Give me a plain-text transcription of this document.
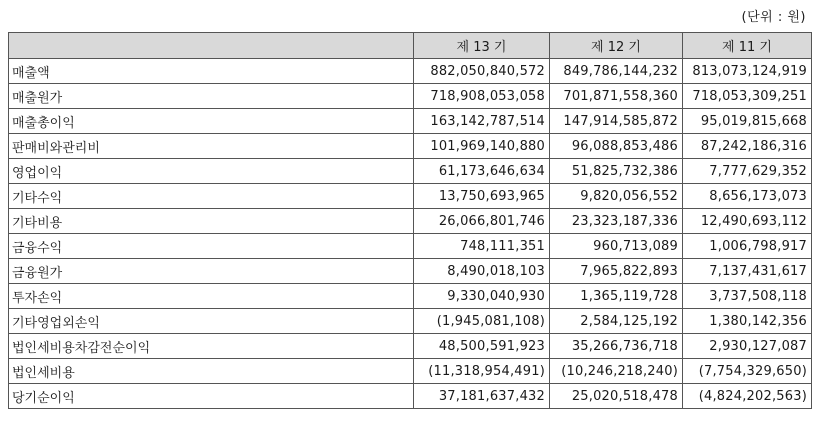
(단위 : 원)
	제 13 기	제 12 기	제 11 기
매출액	882,050,840,572	849,786,144,232	813,073,124,919
매출원가	718,908,053,058	701,871,558,360	718,053,309,251
매출총이익	163,142,787,514	147,914,585,872	95,019,815,668
판매비와관리비	101,969,140,880	96,088,853,486	87,242,186,316
영업이익	61,173,646,634	51,825,732,386	7,777,629,352
기타수익	13,750,693,965	9,820,056,552	8,656,173,073
기타비용	26,066,801,746	23,323,187,336	12,490,693,112
금융수익	748,111,351	960,713,089	1,006,798,917
금융원가	8,490,018,103	7,965,822,893	7,137,431,617
투자손익	9,330,040,930	1,365,119,728	3,737,508,118
기타영업외손익	(1,945,081,108)	2,584,125,192	1,380,142,356
법인세비용차감전순이익	48,500,591,923	35,266,736,718	2,930,127,087
법인세비용	(11,318,954,491)	(10,246,218,240)	(7,754,329,650)
당기순이익	37,181,637,432	25,020,518,478	(4,824,202,563)
